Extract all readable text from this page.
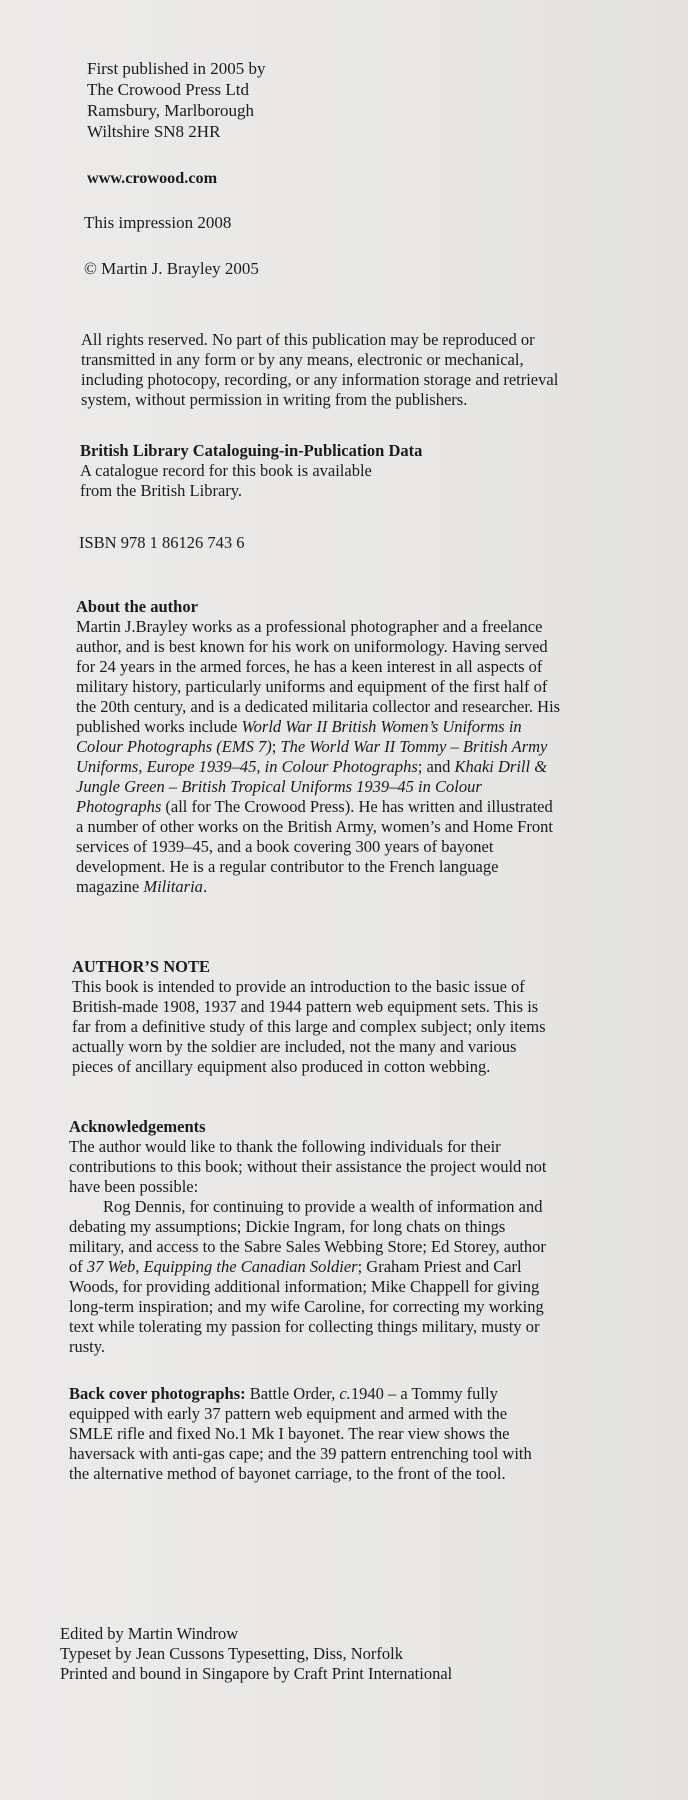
First published in 2005 by
The Crowood Press Ltd
Ramsbury, Marlborough
Wiltshire SN8 2HR
www.crowood.com
This impression 2008
© Martin J. Brayley 2005
All rights reserved. No part of this publication may be reproduced or
transmitted in any form or by any means, electronic or mechanical,
including photocopy, recording, or any information storage and retrieval
system, without permission in writing from the publishers.
British Library Cataloguing-in-Publication Data
A catalogue record for this book is available
from the British Library.
ISBN 978 1 86126 743 6
About the author
Martin J.Brayley works as a professional photographer and a freelance
author, and is best known for his work on uniformology. Having served
for 24 years in the armed forces, he has a keen interest in all aspects of
military history, particularly uniforms and equipment of the first half of
the 20th century, and is a dedicated militaria collector and researcher. His
published works include World War II British Women’s Uniforms in
Colour Photographs (EMS 7); The World War II Tommy – British Army
Uniforms, Europe 1939–45, in Colour Photographs; and Khaki Drill &
Jungle Green – British Tropical Uniforms 1939–45 in Colour
Photographs (all for The Crowood Press). He has written and illustrated
a number of other works on the British Army, women’s and Home Front
services of 1939–45, and a book covering 300 years of bayonet
development. He is a regular contributor to the French language
magazine Militaria.
AUTHOR’S NOTE
This book is intended to provide an introduction to the basic issue of
British-made 1908, 1937 and 1944 pattern web equipment sets. This is
far from a definitive study of this large and complex subject; only items
actually worn by the soldier are included, not the many and various
pieces of ancillary equipment also produced in cotton webbing.
Acknowledgements
The author would like to thank the following individuals for their
contributions to this book; without their assistance the project would not
have been possible:
Rog Dennis, for continuing to provide a wealth of information and
debating my assumptions; Dickie Ingram, for long chats on things
military, and access to the Sabre Sales Webbing Store; Ed Storey, author
of 37 Web, Equipping the Canadian Soldier; Graham Priest and Carl
Woods, for providing additional information; Mike Chappell for giving
long-term inspiration; and my wife Caroline, for correcting my working
text while tolerating my passion for collecting things military, musty or
rusty.
Back cover photographs: Battle Order, c.1940 – a Tommy fully
equipped with early 37 pattern web equipment and armed with the
SMLE rifle and fixed No.1 Mk I bayonet. The rear view shows the
haversack with anti-gas cape; and the 39 pattern entrenching tool with
the alternative method of bayonet carriage, to the front of the tool.
Edited by Martin Windrow
Typeset by Jean Cussons Typesetting, Diss, Norfolk
Printed and bound in Singapore by Craft Print International
